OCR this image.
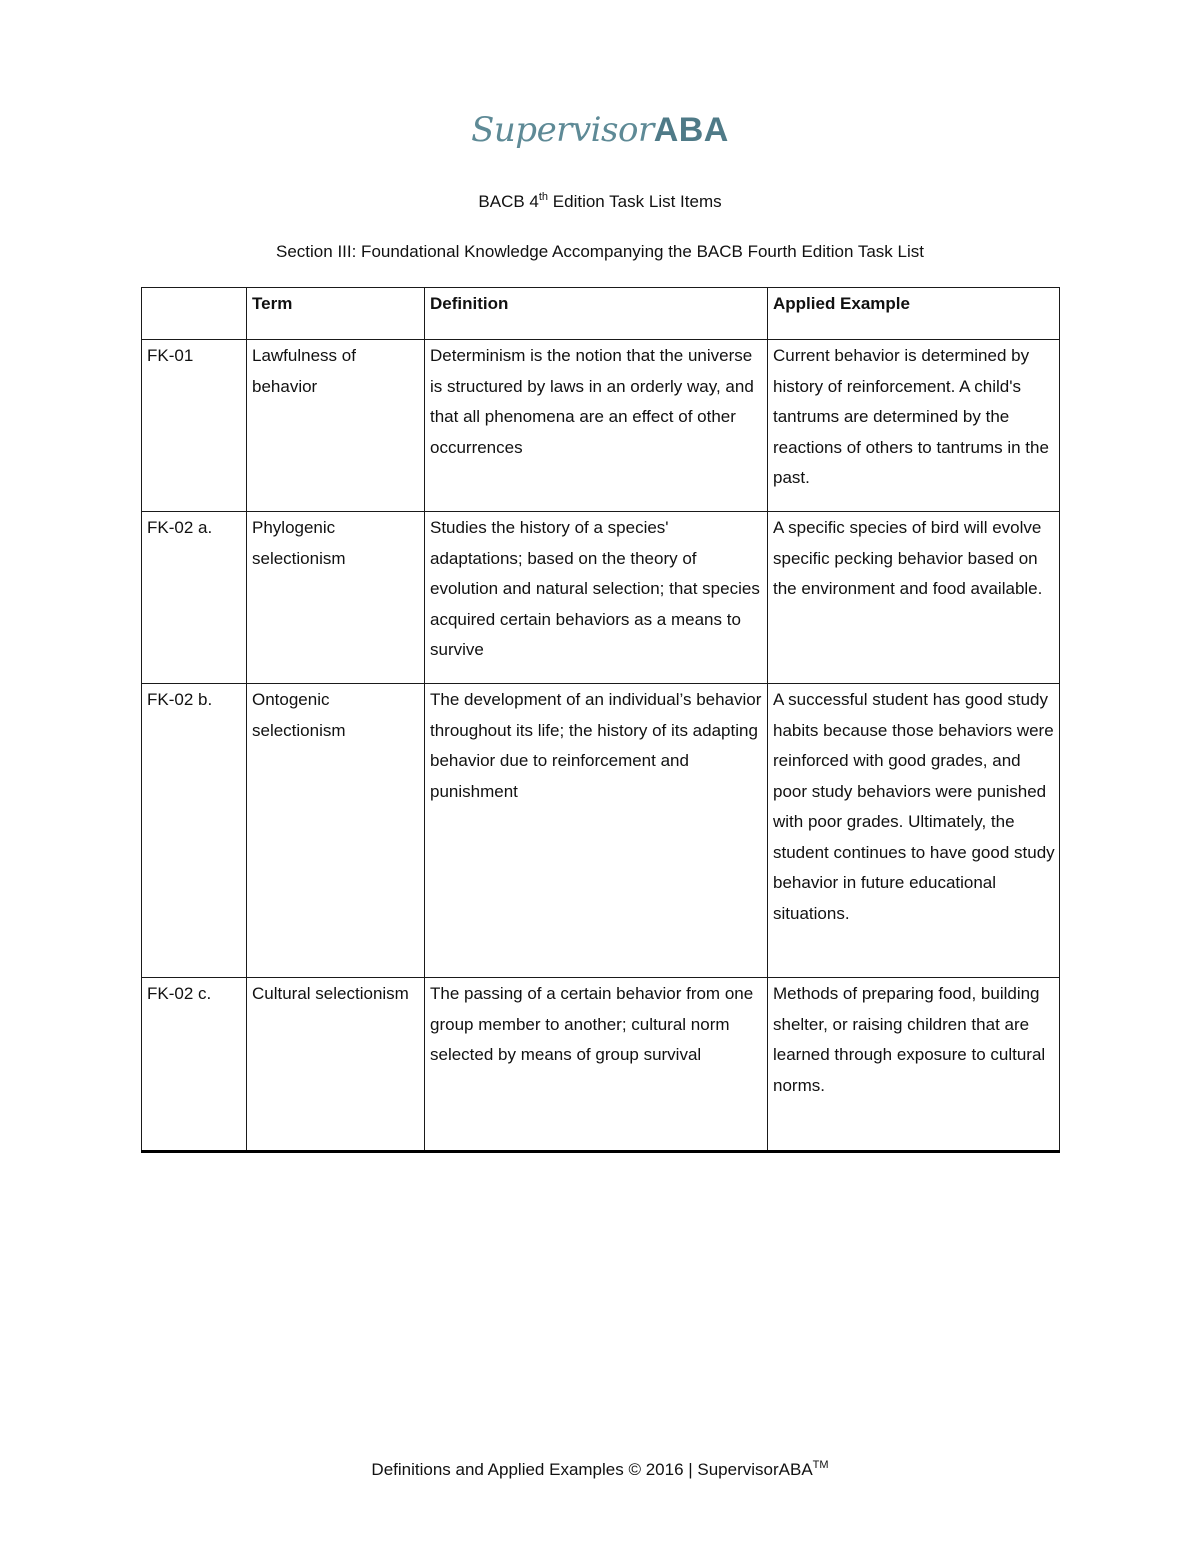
SupervisorABA
BACB 4th Edition Task List Items
Section III: Foundational Knowledge Accompanying the BACB Fourth Edition Task List
	Term	Definition	Applied Example
FK-01	Lawfulness of behavior	Determinism is the notion that the universe is structured by laws in an orderly way, and that all phenomena are an effect of other occurrences	Current behavior is determined by history of reinforcement. A child's tantrums are determined by the reactions of others to tantrums in the past.
FK-02 a.	Phylogenic selectionism	Studies the history of a species' adaptations; based on the theory of evolution and natural selection; that species acquired certain behaviors as a means to survive	A specific species of bird will evolve specific pecking behavior based on the environment and food available.
FK-02 b.	Ontogenic selectionism	The development of an individual’s behavior throughout its life; the history of its adapting behavior due to reinforcement and punishment	A successful student has good study habits because those behaviors were reinforced with good grades, and poor study behaviors were punished with poor grades. Ultimately, the student continues to have good study behavior in future educational situations.
FK-02 c.	Cultural selectionism	The passing of a certain behavior from one group member to another; cultural norm selected by means of group survival	Methods of preparing food, building shelter, or raising children that are learned through exposure to cultural norms.
Definitions and Applied Examples © 2016 | SupervisorABA™
